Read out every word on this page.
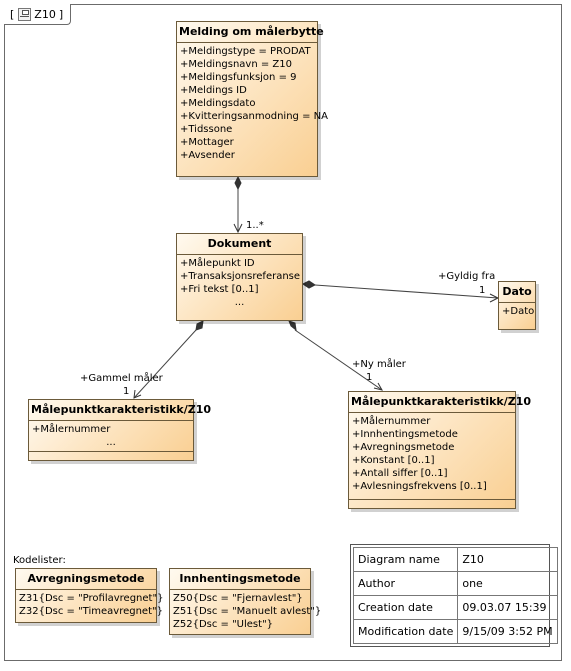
[ Z10 ]
Melding om målerbytte
+Meldingstype = PRODAT
+Meldingsnavn = Z10
+Meldingsfunksjon = 9
+Meldings ID
+Meldingsdato
+Kvitteringsanmodning = NA
+Tidssone
+Mottager
+Avsender
Dokument
+Målepunkt ID
+Transaksjonsreferanse
+Fri tekst [0..1]
...
Dato
+Dato
Målepunktkarakteristikk/Z10
+Målernummer
...
Målepunktkarakteristikk/Z10
+Målernummer
+Innhentingsmetode
+Avregningsmetode
+Konstant [0..1]
+Antall siffer [0..1]
+Avlesningsfrekvens [0..1]
1..*
+Gyldig fra
1
+Gammel måler
1
+Ny måler
1
Kodelister:
Avregningsmetode
Z31{Dsc = "Profilavregnet"}
Z32{Dsc = "Timeavregnet"}
Innhentingsmetode
Z50{Dsc = "Fjernavlest"}
Z51{Dsc = "Manuelt avlest"}
Z52{Dsc = "Ulest"}
Diagram name	Z10
Author	one
Creation date	09.03.07 15:39
Modification date	9/15/09 3:52 PM
